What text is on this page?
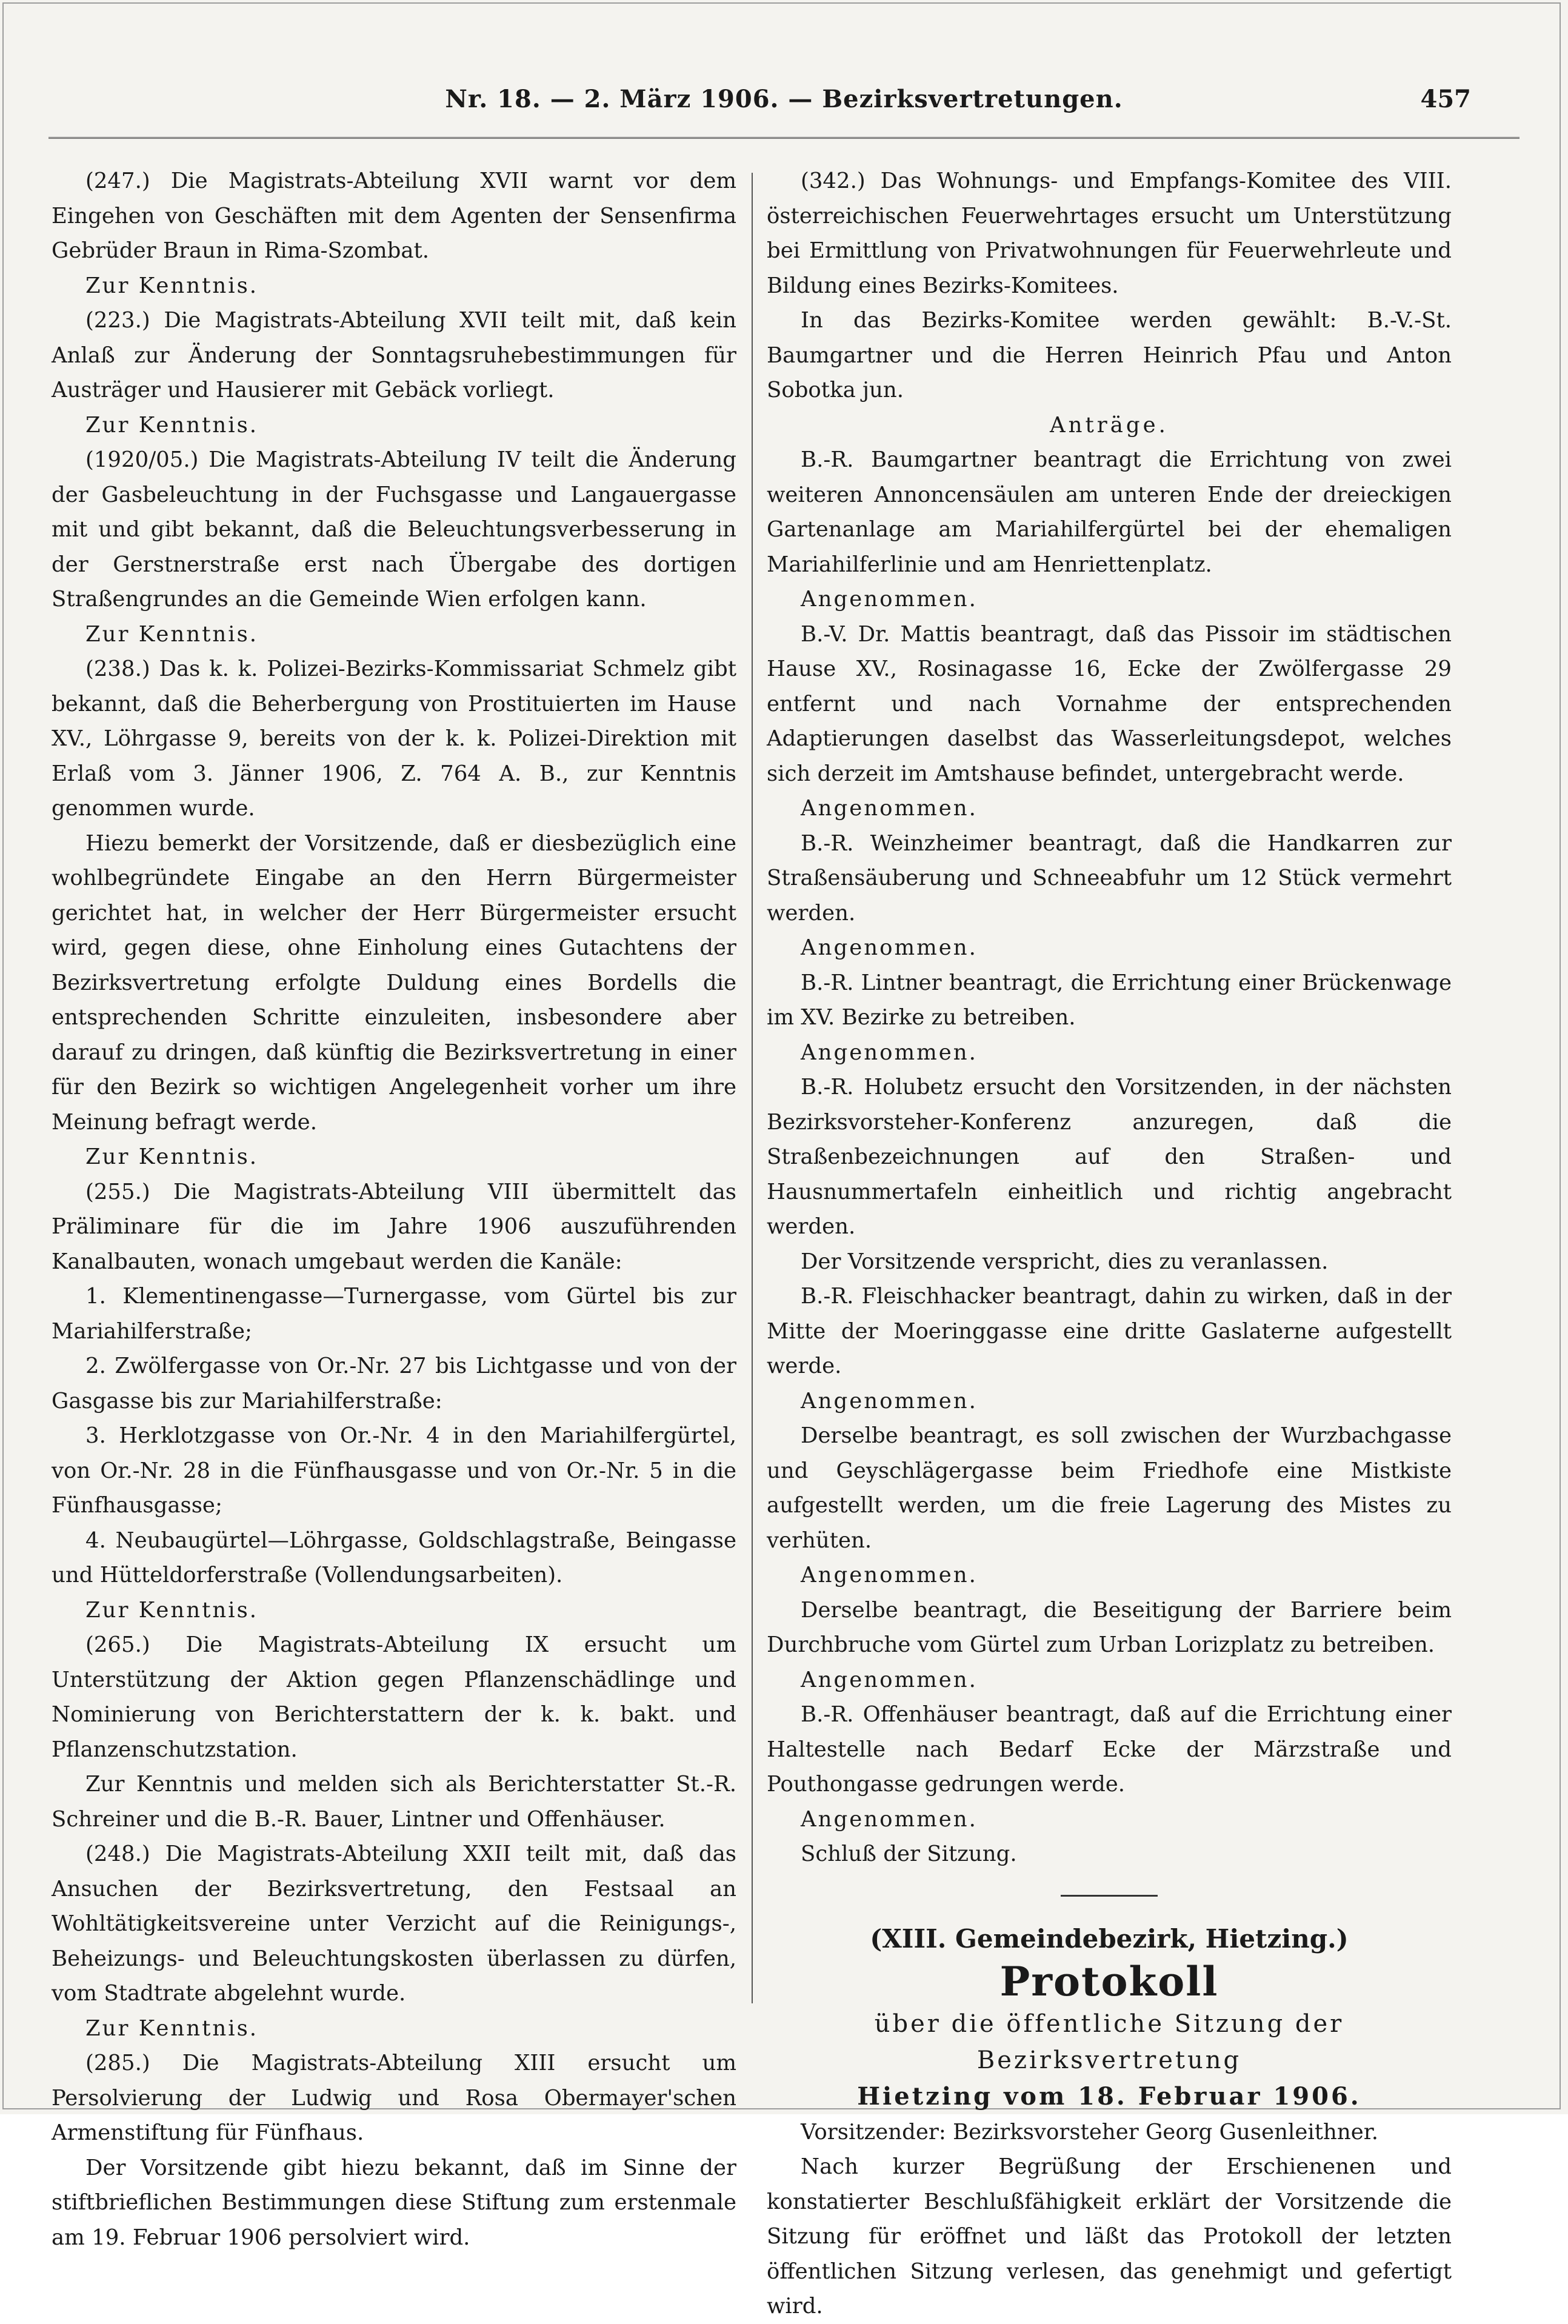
Nr. 18. — 2. März 1906. — Bezirksvertretungen.	457

(247.) Die Magistrats-Abteilung XVII warnt vor dem Eingehen von Geschäften mit dem Agenten der Sensenfirma Gebrüder Braun in Rima-Szombat.

Zur Kenntnis.

(223.) Die Magistrats-Abteilung XVII teilt mit, daß kein Anlaß zur Änderung der Sonntagsruhebestimmungen für Austräger und Hausierer mit Gebäck vorliegt.

Zur Kenntnis.

(1920/05.) Die Magistrats-Abteilung IV teilt die Änderung der Gasbeleuchtung in der Fuchsgasse und Langauergasse mit und gibt bekannt, daß die Beleuchtungsverbesserung in der Gerstnerstraße erst nach Übergabe des dortigen Straßengrundes an die Gemeinde Wien erfolgen kann.

Zur Kenntnis.

(238.) Das k. k. Polizei-Bezirks-Kommissariat Schmelz gibt bekannt, daß die Beherbergung von Prostituierten im Hause XV., Löhrgasse 9, bereits von der k. k. Polizei-Direktion mit Erlaß vom 3. Jänner 1906, Z. 764 A. B., zur Kenntnis genommen wurde.

Hiezu bemerkt der Vorsitzende, daß er diesbezüglich eine wohlbegründete Eingabe an den Herrn Bürgermeister gerichtet hat, in welcher der Herr Bürgermeister ersucht wird, gegen diese, ohne Einholung eines Gutachtens der Bezirksvertretung erfolgte Duldung eines Bordells die entsprechenden Schritte einzuleiten, insbesondere aber darauf zu dringen, daß künftig die Bezirksvertretung in einer für den Bezirk so wichtigen Angelegenheit vorher um ihre Meinung befragt werde.

Zur Kenntnis.

(255.) Die Magistrats-Abteilung VIII übermittelt das Präliminare für die im Jahre 1906 auszuführenden Kanalbauten, wonach umgebaut werden die Kanäle:

1. Klementinengasse—Turnergasse, vom Gürtel bis zur Mariahilferstraße;

2. Zwölfergasse von Or.-Nr. 27 bis Lichtgasse und von der Gasgasse bis zur Mariahilferstraße:

3. Herklotzgasse von Or.-Nr. 4 in den Mariahilfergürtel, von Or.-Nr. 28 in die Fünfhausgasse und von Or.-Nr. 5 in die Fünfhausgasse;

4. Neubaugürtel—Löhrgasse, Goldschlagstraße, Beingasse und Hütteldorferstraße (Vollendungsarbeiten).

Zur Kenntnis.

(265.) Die Magistrats-Abteilung IX ersucht um Unterstützung der Aktion gegen Pflanzenschädlinge und Nominierung von Berichterstattern der k. k. bakt. und Pflanzenschutzstation.

Zur Kenntnis und melden sich als Berichterstatter St.-R. Schreiner und die B.-R. Bauer, Lintner und Offenhäuser.

(248.) Die Magistrats-Abteilung XXII teilt mit, daß das Ansuchen der Bezirksvertretung, den Festsaal an Wohltätigkeitsvereine unter Verzicht auf die Reinigungs-, Beheizungs- und Beleuchtungskosten überlassen zu dürfen, vom Stadtrate abgelehnt wurde.

Zur Kenntnis.

(285.) Die Magistrats-Abteilung XIII ersucht um Persolvierung der Ludwig und Rosa Obermayer'schen Armenstiftung für Fünfhaus.

Der Vorsitzende gibt hiezu bekannt, daß im Sinne der stiftbrieflichen Bestimmungen diese Stiftung zum erstenmale am 19. Februar 1906 persolviert wird.

(342.) Das Wohnungs- und Empfangs-Komitee des VIII. österreichischen Feuerwehrtages ersucht um Unterstützung bei Ermittlung von Privatwohnungen für Feuerwehrleute und Bildung eines Bezirks-Komitees.

In das Bezirks-Komitee werden gewählt: B.-V.-St. Baumgartner und die Herren Heinrich Pfau und Anton Sobotka jun.

Anträge.

B.-R. Baumgartner beantragt die Errichtung von zwei weiteren Annoncensäulen am unteren Ende der dreieckigen Gartenanlage am Mariahilfergürtel bei der ehemaligen Mariahilferlinie und am Henriettenplatz.

Angenommen.

B.-V. Dr. Mattis beantragt, daß das Pissoir im städtischen Hause XV., Rosinagasse 16, Ecke der Zwölfergasse 29 entfernt und nach Vornahme der entsprechenden Adaptierungen daselbst das Wasserleitungsdepot, welches sich derzeit im Amtshause befindet, untergebracht werde.

Angenommen.

B.-R. Weinzheimer beantragt, daß die Handkarren zur Straßensäuberung und Schneeabfuhr um 12 Stück vermehrt werden.

Angenommen.

B.-R. Lintner beantragt, die Errichtung einer Brückenwage im XV. Bezirke zu betreiben.

Angenommen.

B.-R. Holubetz ersucht den Vorsitzenden, in der nächsten Bezirksvorsteher-Konferenz anzuregen, daß die Straßenbezeichnungen auf den Straßen- und Hausnummertafeln einheitlich und richtig angebracht werden.

Der Vorsitzende verspricht, dies zu veranlassen.

B.-R. Fleischhacker beantragt, dahin zu wirken, daß in der Mitte der Moeringgasse eine dritte Gaslaterne aufgestellt werde.

Angenommen.

Derselbe beantragt, es soll zwischen der Wurzbachgasse und Geyschlägergasse beim Friedhofe eine Mistkiste aufgestellt werden, um die freie Lagerung des Mistes zu verhüten.

Angenommen.

Derselbe beantragt, die Beseitigung der Barriere beim Durchbruche vom Gürtel zum Urban Lorizplatz zu betreiben.

Angenommen.

B.-R. Offenhäuser beantragt, daß auf die Errichtung einer Haltestelle nach Bedarf Ecke der Märzstraße und Pouthongasse gedrungen werde.

Angenommen.

Schluß der Sitzung.

(XIII. Gemeindebezirk, Hietzing.)
Protokoll
über die öffentliche Sitzung der Bezirksvertretung
Hietzing vom 18. Februar 1906.

Vorsitzender: Bezirksvorsteher Georg Gusenleithner.

Nach kurzer Begrüßung der Erschienenen und konstatierter Beschlußfähigkeit erklärt der Vorsitzende die Sitzung für eröffnet und läßt das Protokoll der letzten öffentlichen Sitzung verlesen, das genehmigt und gefertigt wird.
